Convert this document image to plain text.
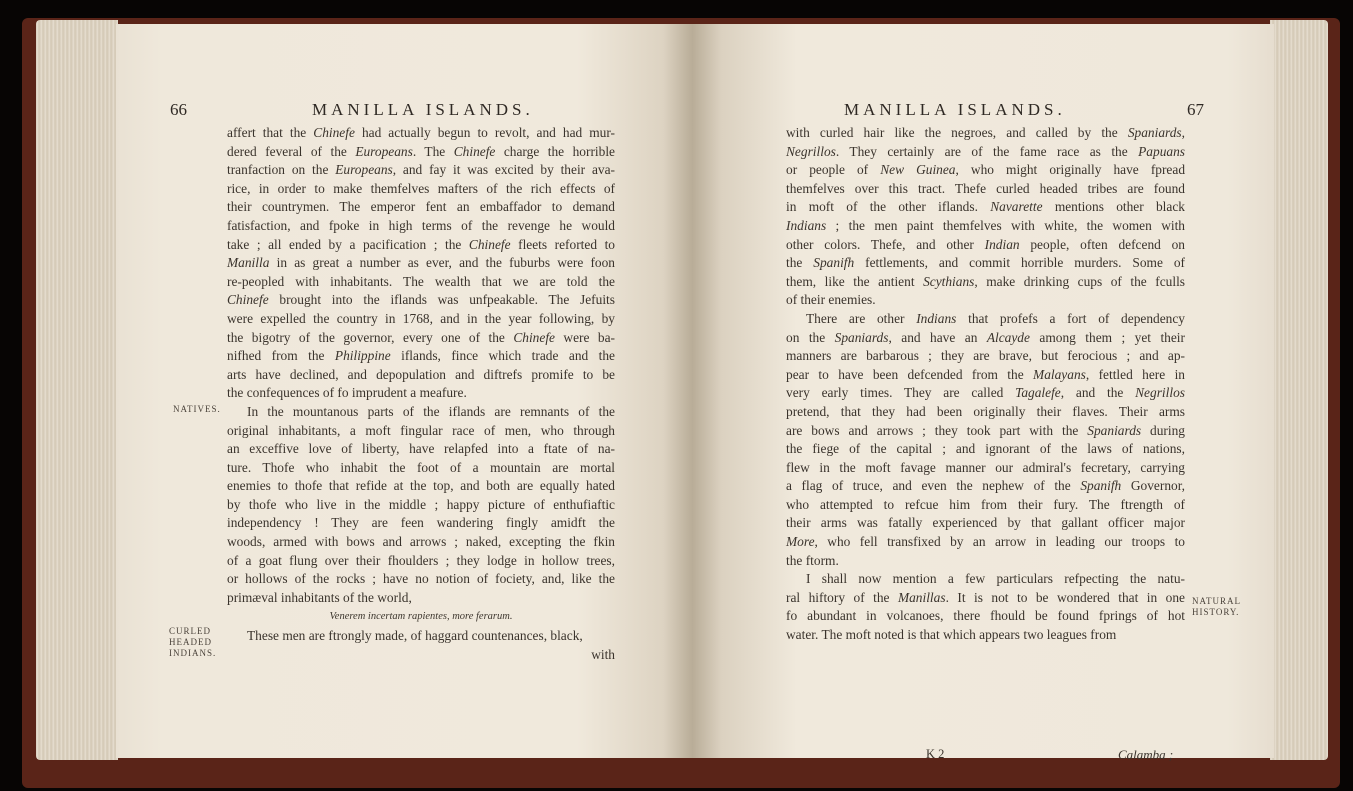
66	MANILLA ISLANDS.
affert that the Chinefe had actually begun to revolt, and had mur-
dered feveral of the Europeans. The Chinefe charge the horrible
tranfaction on the Europeans, and fay it was excited by their ava-
rice, in order to make themfelves mafters of the rich effects of
their countrymen. The emperor fent an embaffador to demand
fatisfaction, and fpoke in high terms of the revenge he would
take ; all ended by a pacification ; the Chinefe fleets reforted to
Manilla in as great a number as ever, and the fuburbs were foon
re-peopled with inhabitants. The wealth that we are told the
Chinefe brought into the iflands was unfpeakable. The Jefuits
were expelled the country in 1768, and in the year following, by
the bigotry of the governor, every one of the Chinefe were ba-
nifhed from the Philippine iflands, fince which trade and the
arts have declined, and depopulation and diftrefs promife to be
the confequences of fo imprudent a meafure.
In the mountanous parts of the iflands are remnants of the
original inhabitants, a moft fingular race of men, who through
an exceffive love of liberty, have relapfed into a ftate of na-
ture. Thofe who inhabit the foot of a mountain are mortal
enemies to thofe that refide at the top, and both are equally hated
by thofe who live in the middle ; happy picture of enthufiaftic
independency ! They are feen wandering fingly amidft the
woods, armed with bows and arrows ; naked, excepting the fkin
of a goat flung over their fhoulders ; they lodge in hollow trees,
or hollows of the rocks ; have no notion of fociety, and, like the
primæval inhabitants of the world,
Venerem incertam rapientes, more ferarum.
These men are ftrongly made, of haggard countenances, black,
with
NATIVES.
CURLED
HEADED
INDIANS.
MANILLA ISLANDS.	67
with curled hair like the negroes, and called by the Spaniards,
Negrillos. They certainly are of the fame race as the Papuans
or people of New Guinea, who might originally have fpread
themfelves over this tract. Thefe curled headed tribes are found
in moft of the other iflands. Navarette mentions other black
Indians ; the men paint themfelves with white, the women with
other colors. Thefe, and other Indian people, often defcend on
the Spanifh fettlements, and commit horrible murders. Some of
them, like the antient Scythians, make drinking cups of the fculls
of their enemies.
There are other Indians that profefs a fort of dependency
on the Spaniards, and have an Alcayde among them ; yet their
manners are barbarous ; they are brave, but ferocious ; and ap-
pear to have been defcended from the Malayans, fettled here in
very early times. They are called Tagalefe, and the Negrillos
pretend, that they had been originally their flaves. Their arms
are bows and arrows ; they took part with the Spaniards during
the fiege of the capital ; and ignorant of the laws of nations,
flew in the moft favage manner our admiral's fecretary, carrying
a flag of truce, and even the nephew of the Spanifh Governor,
who attempted to refcue him from their fury. The ftrength of
their arms was fatally experienced by that gallant officer major
More, who fell transfixed by an arrow in leading our troops to
the ftorm.
I shall now mention a few particulars refpecting the natu-
ral hiftory of the Manillas. It is not to be wondered that in one
fo abundant in volcanoes, there fhould be found fprings of hot
water. The moft noted is that which appears two leagues from
K 2	Calamba ;
NATURAL
HISTORY.
